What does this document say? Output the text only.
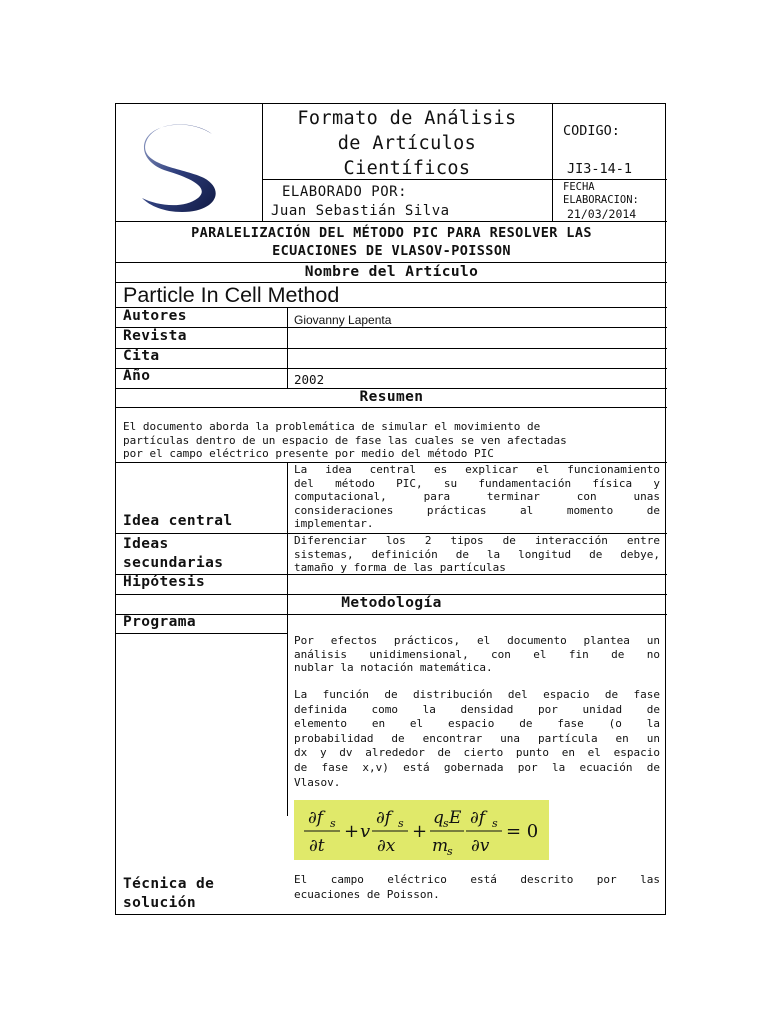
Formato de Análisis
de Artículos
Científicos
CODIGO:
JI3-14-1
ELABORADO POR:
Juan Sebastián Silva
FECHA
ELABORACION:
21/03/2014
PARALELIZACIÓN DEL MÉTODO PIC PARA RESOLVER LAS
ECUACIONES DE VLASOV-POISSON
Nombre del Artículo
Particle In Cell Method
Autores	Giovanny Lapenta
Revista
Cita
Año	2002
Resumen
El documento aborda la problemática de simular el movimiento de
partículas dentro de un espacio de fase las cuales se ven afectadas
por el campo eléctrico presente por medio del método PIC
Idea central
La idea central es explicar el funcionamiento
del método PIC, su fundamentación física y
computacional, para terminar con unas
consideraciones prácticas al momento de
implementar.
Ideas
secundarias
Diferenciar los 2 tipos de interacción entre
sistemas, definición de la longitud de debye,
tamaño y forma de las partículas
Hipótesis
Metodología
Programa
Por efectos prácticos, el documento plantea un
análisis unidimensional, con el fin de no
nublar la notación matemática.
La función de distribución del espacio de fase
definida como la densidad por unidad de
elemento en el espacio de fase (o la
probabilidad de encontrar una partícula en un
dx y dv alrededor de cierto punto en el espacio
de fase x,v) está gobernada por la ecuación de
Vlasov.
∂f s
∂t
+ v
∂f s
∂x
+
q s E
m
s
∂f s
∂v
= 0
Técnica de
solución
El campo eléctrico está descrito por las
ecuaciones de Poisson.
